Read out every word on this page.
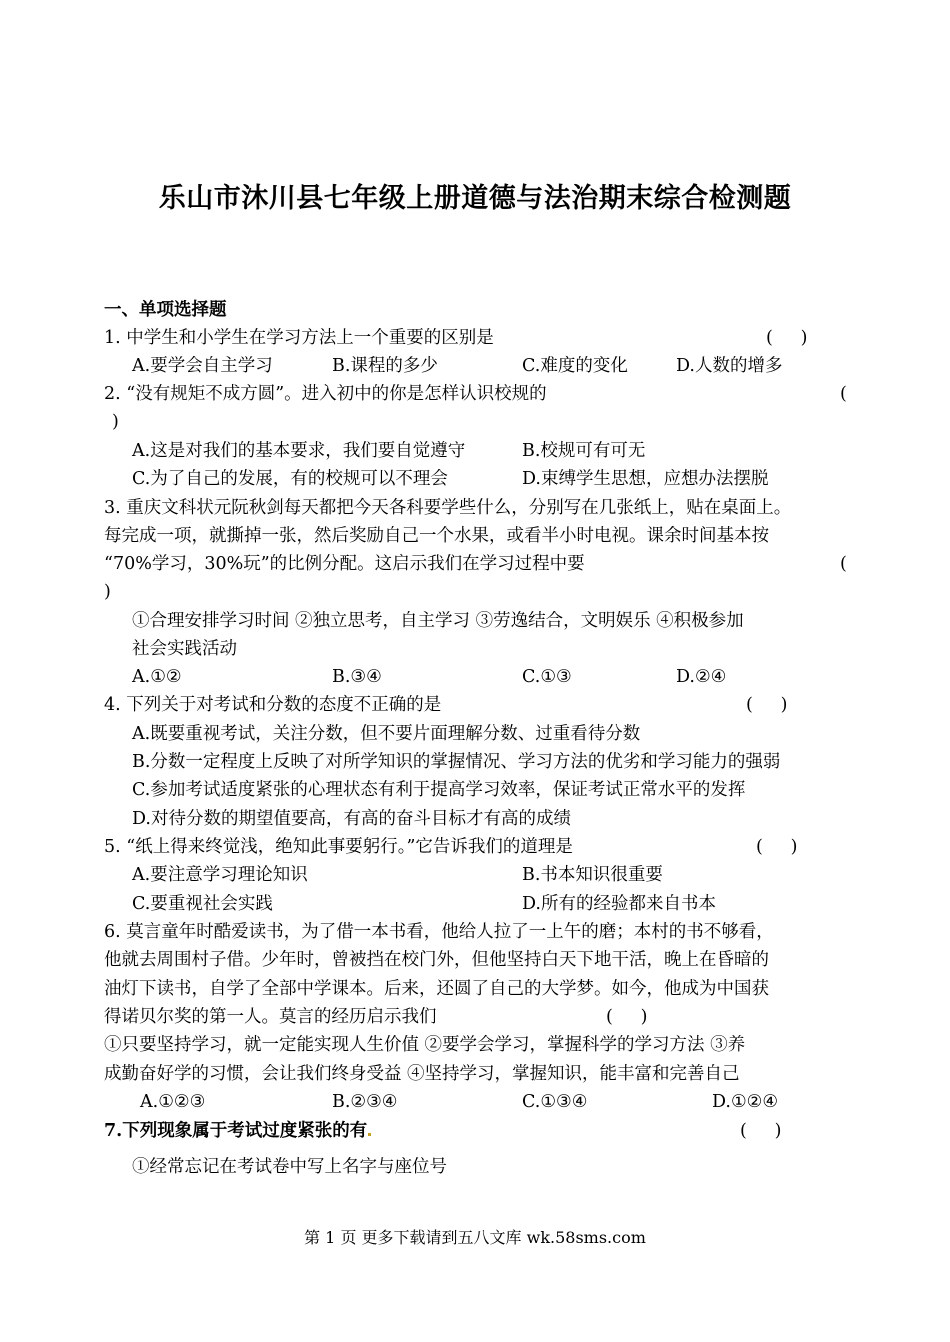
乐山市沐川县七年级上册道德与法治期末综合检测题
一、单项选择题
1. 中学生和小学生在学习方法上一个重要的区别是	(     )
A.要学会自主学习	B.课程的多少	C.难度的变化	D.人数的增多
2. “没有规矩不成方圆”。进入初中的你是怎样认识校规的	(
)
A.这是对我们的基本要求，我们要自觉遵守	B.校规可有可无
C.为了自己的发展，有的校规可以不理会	D.束缚学生思想，应想办法摆脱
3. 重庆文科状元阮秋剑每天都把今天各科要学些什么，分别写在几张纸上，贴在桌面上。
每完成一项，就撕掉一张，然后奖励自己一个水果，或看半小时电视。课余时间基本按
“70%学习，30%玩”的比例分配。这启示我们在学习过程中要	(
)
①合理安排学习时间 ②独立思考，自主学习 ③劳逸结合，文明娱乐 ④积极参加
社会实践活动
A.①②	B.③④	C.①③	D.②④
4. 下列关于对考试和分数的态度不正确的是	(     )
A.既要重视考试，关注分数，但不要片面理解分数、过重看待分数
B.分数一定程度上反映了对所学知识的掌握情况、学习方法的优劣和学习能力的强弱
C.参加考试适度紧张的心理状态有利于提高学习效率，保证考试正常水平的发挥
D.对待分数的期望值要高，有高的奋斗目标才有高的成绩
5. “纸上得来终觉浅，绝知此事要躬行。”它告诉我们的道理是	(     )
A.要注意学习理论知识	B.书本知识很重要
C.要重视社会实践	D.所有的经验都来自书本
6. 莫言童年时酷爱读书，为了借一本书看，他给人拉了一上午的磨；本村的书不够看，
他就去周围村子借。少年时，曾被挡在校门外，但他坚持白天下地干活，晚上在昏暗的
油灯下读书，自学了全部中学课本。后来，还圆了自己的大学梦。如今，他成为中国获
得诺贝尔奖的第一人。莫言的经历启示我们	(     )
①只要坚持学习，就一定能实现人生价值 ②要学会学习，掌握科学的学习方法 ③养
成勤奋好学的习惯，会让我们终身受益 ④坚持学习，掌握知识，能丰富和完善自己
A.①②③	B.②③④	C.①③④	D.①②④
7.下列现象属于考试过度紧张的有	(     )
①经常忘记在考试卷中写上名字与座位号
第 1 页 更多下载请到五八文库 wk.58sms.com
